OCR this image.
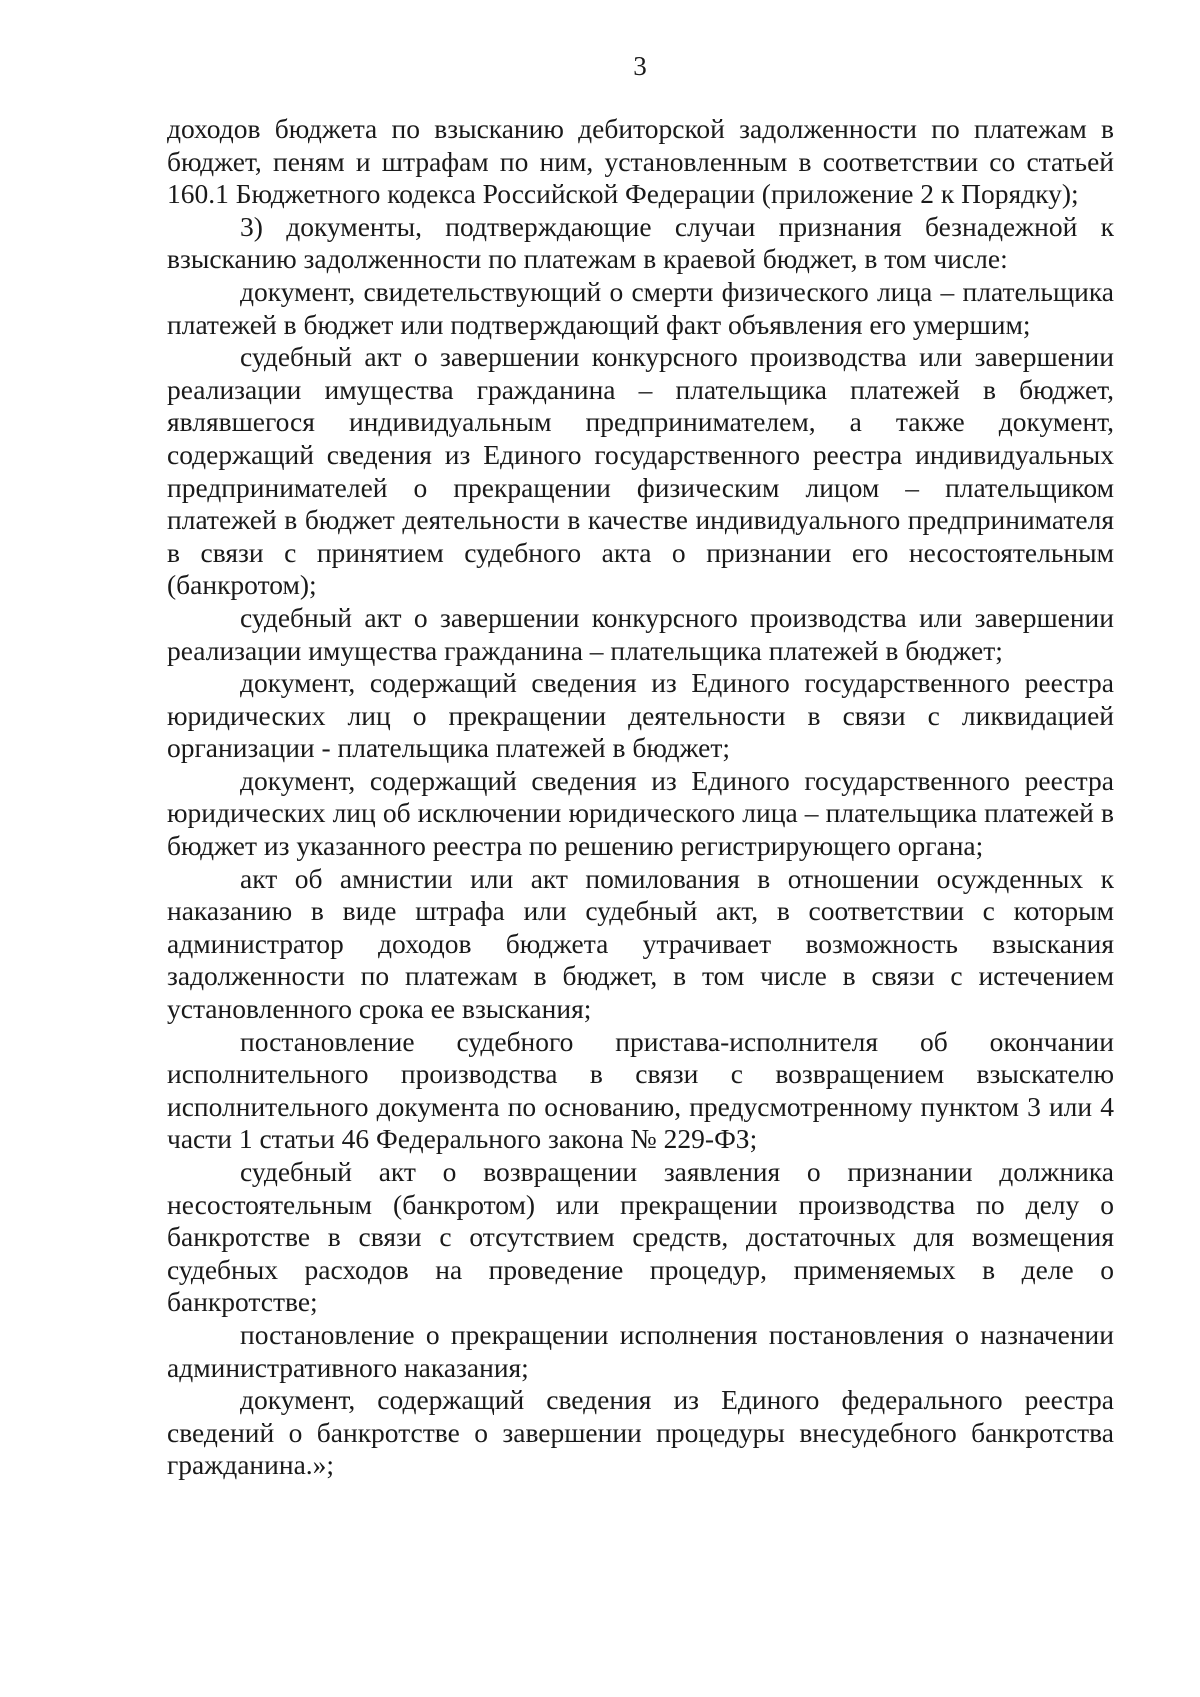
3

доходов бюджета по взысканию дебиторской задолженности по платежам в бюджет, пеням и штрафам по ним, установленным в соответствии со статьей 160.1 Бюджетного кодекса Российской Федерации (приложение 2 к Порядку);

3) документы, подтверждающие случаи признания безнадежной к взысканию задолженности по платежам в краевой бюджет, в том числе:

документ, свидетельствующий о смерти физического лица – плательщика платежей в бюджет или подтверждающий факт объявления его умершим;

судебный акт о завершении конкурсного производства или завершении реализации имущества гражданина – плательщика платежей в бюджет, являвшегося индивидуальным предпринимателем, а также документ, содержащий сведения из Единого государственного реестра индивидуальных предпринимателей о прекращении физическим лицом – плательщиком платежей в бюджет деятельности в качестве индивидуального предпринимателя в связи с принятием судебного акта о признании его несостоятельным (банкротом);

судебный акт о завершении конкурсного производства или завершении реализации имущества гражданина – плательщика платежей в бюджет;

документ, содержащий сведения из Единого государственного реестра юридических лиц о прекращении деятельности в связи с ликвидацией организации - плательщика платежей в бюджет;

документ, содержащий сведения из Единого государственного реестра юридических лиц об исключении юридического лица – плательщика платежей в бюджет из указанного реестра по решению регистрирующего органа;

акт об амнистии или акт помилования в отношении осужденных к наказанию в виде штрафа или судебный акт, в соответствии с которым администратор доходов бюджета утрачивает возможность взыскания задолженности по платежам в бюджет, в том числе в связи с истечением установленного срока ее взыскания;

постановление судебного пристава-исполнителя об окончании исполнительного производства в связи с возвращением взыскателю исполнительного документа по основанию, предусмотренному пунктом 3 или 4 части 1 статьи 46 Федерального закона № 229-ФЗ;

судебный акт о возвращении заявления о признании должника несостоятельным (банкротом) или прекращении производства по делу о банкротстве в связи с отсутствием средств, достаточных для возмещения судебных расходов на проведение процедур, применяемых в деле о банкротстве;

постановление о прекращении исполнения постановления о назначении административного наказания;

документ, содержащий сведения из Единого федерального реестра сведений о банкротстве о завершении процедуры внесудебного банкротства гражданина.»;
